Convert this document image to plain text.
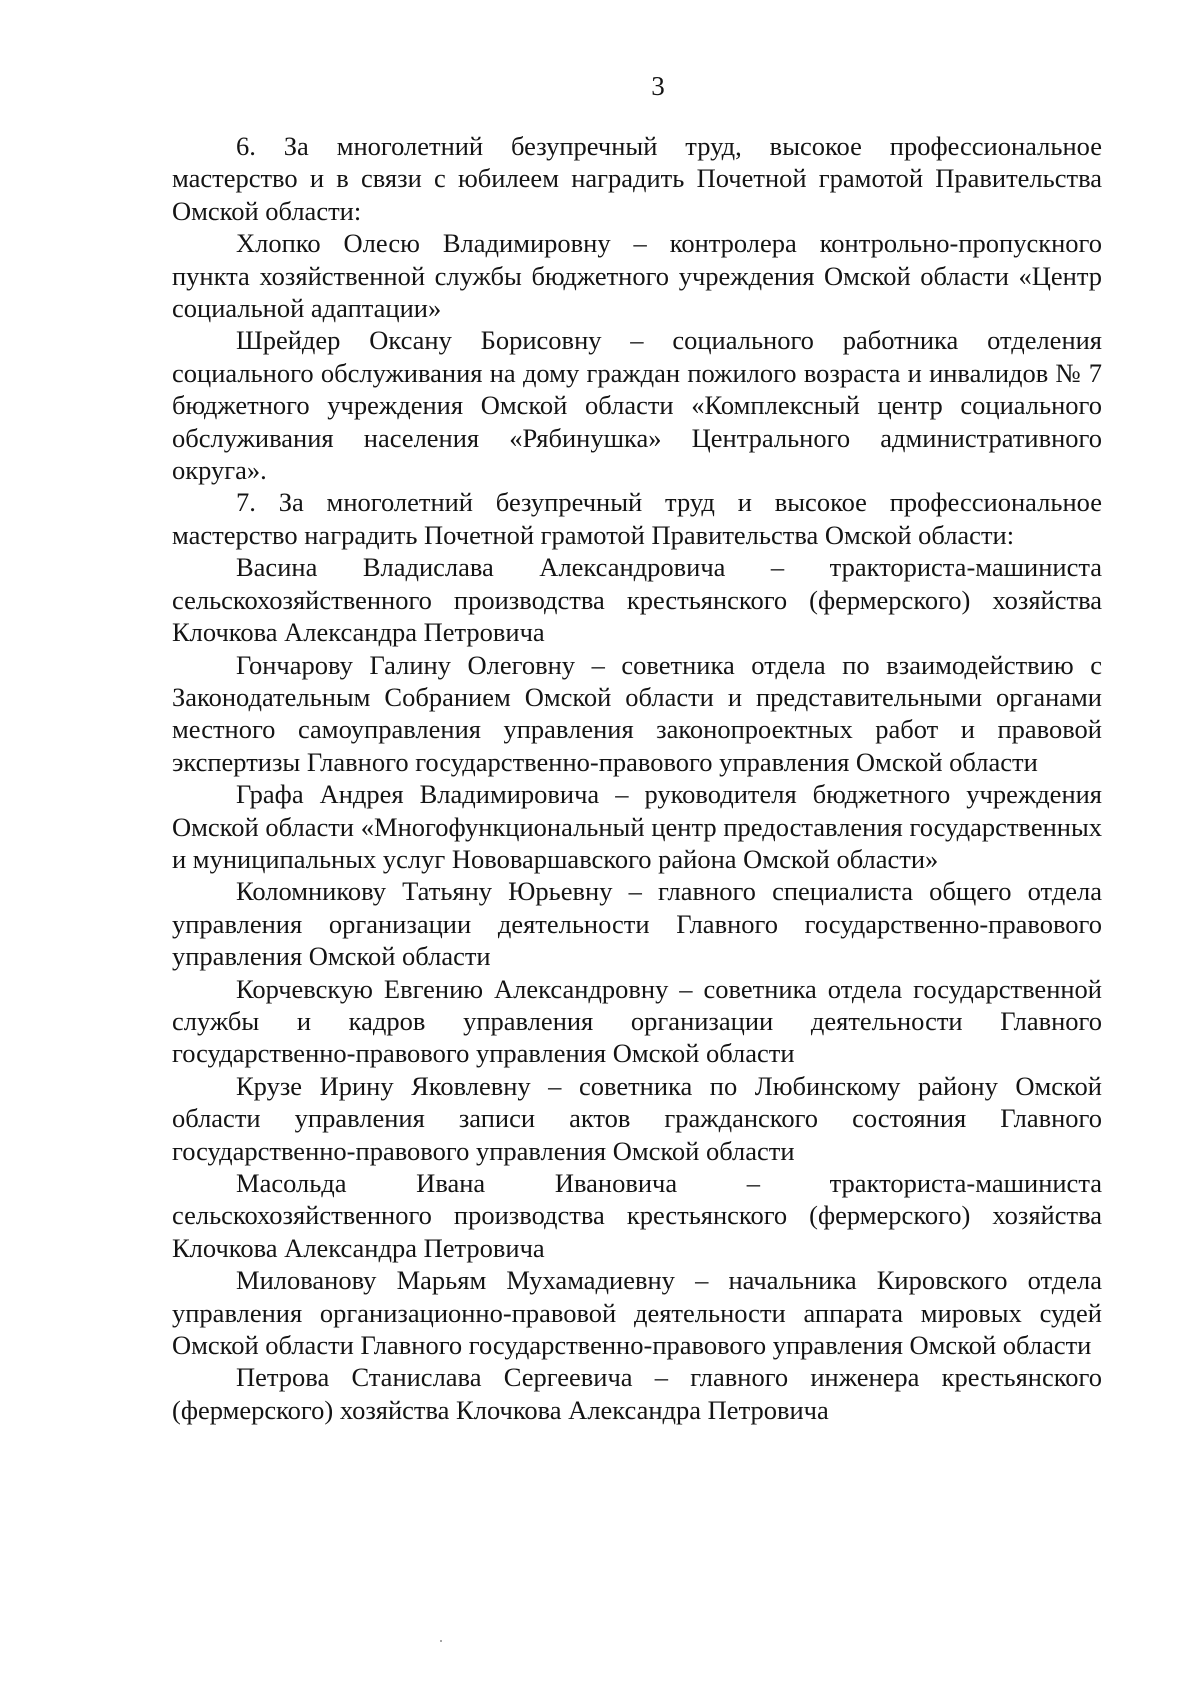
3

6. За многолетний безупречный труд, высокое профессиональное мастерство и в связи с юбилеем наградить Почетной грамотой Правительства Омской области:

Хлопко Олесю Владимировну – контролера контрольно-пропускного пункта хозяйственной службы бюджетного учреждения Омской области «Центр социальной адаптации»

Шрейдер Оксану Борисовну – социального работника отделения социального обслуживания на дому граждан пожилого возраста и инвалидов № 7 бюджетного учреждения Омской области «Комплексный центр социального обслуживания населения «Рябинушка» Центрального административного округа».

7. За многолетний безупречный труд и высокое профессиональное мастерство наградить Почетной грамотой Правительства Омской области:

Васина Владислава Александровича – тракториста-машиниста сельскохозяйственного производства крестьянского (фермерского) хозяйства Клочкова Александра Петровича

Гончарову Галину Олеговну – советника отдела по взаимодействию с Законодательным Собранием Омской области и представительными органами местного самоуправления управления законопроектных работ и правовой экспертизы Главного государственно-правового управления Омской области

Графа Андрея Владимировича – руководителя бюджетного учреждения Омской области «Многофункциональный центр предоставления государственных и муниципальных услуг Нововаршавского района Омской области»

Коломникову Татьяну Юрьевну – главного специалиста общего отдела управления организации деятельности Главного государственно-правового управления Омской области

Корчевскую Евгению Александровну – советника отдела государственной службы и кадров управления организации деятельности Главного государственно-правового управления Омской области

Крузе Ирину Яковлевну – советника по Любинскому району Омской области управления записи актов гражданского состояния Главного государственно-правового управления Омской области

Масольда Ивана Ивановича – тракториста-машиниста сельскохозяйственного производства крестьянского (фермерского) хозяйства Клочкова Александра Петровича

Милованову Марьям Мухамадиевну – начальника Кировского отдела управления организационно-правовой деятельности аппарата мировых судей Омской области Главного государственно-правового управления Омской области

Петрова Станислава Сергеевича – главного инженера крестьянского (фермерского) хозяйства Клочкова Александра Петровича
